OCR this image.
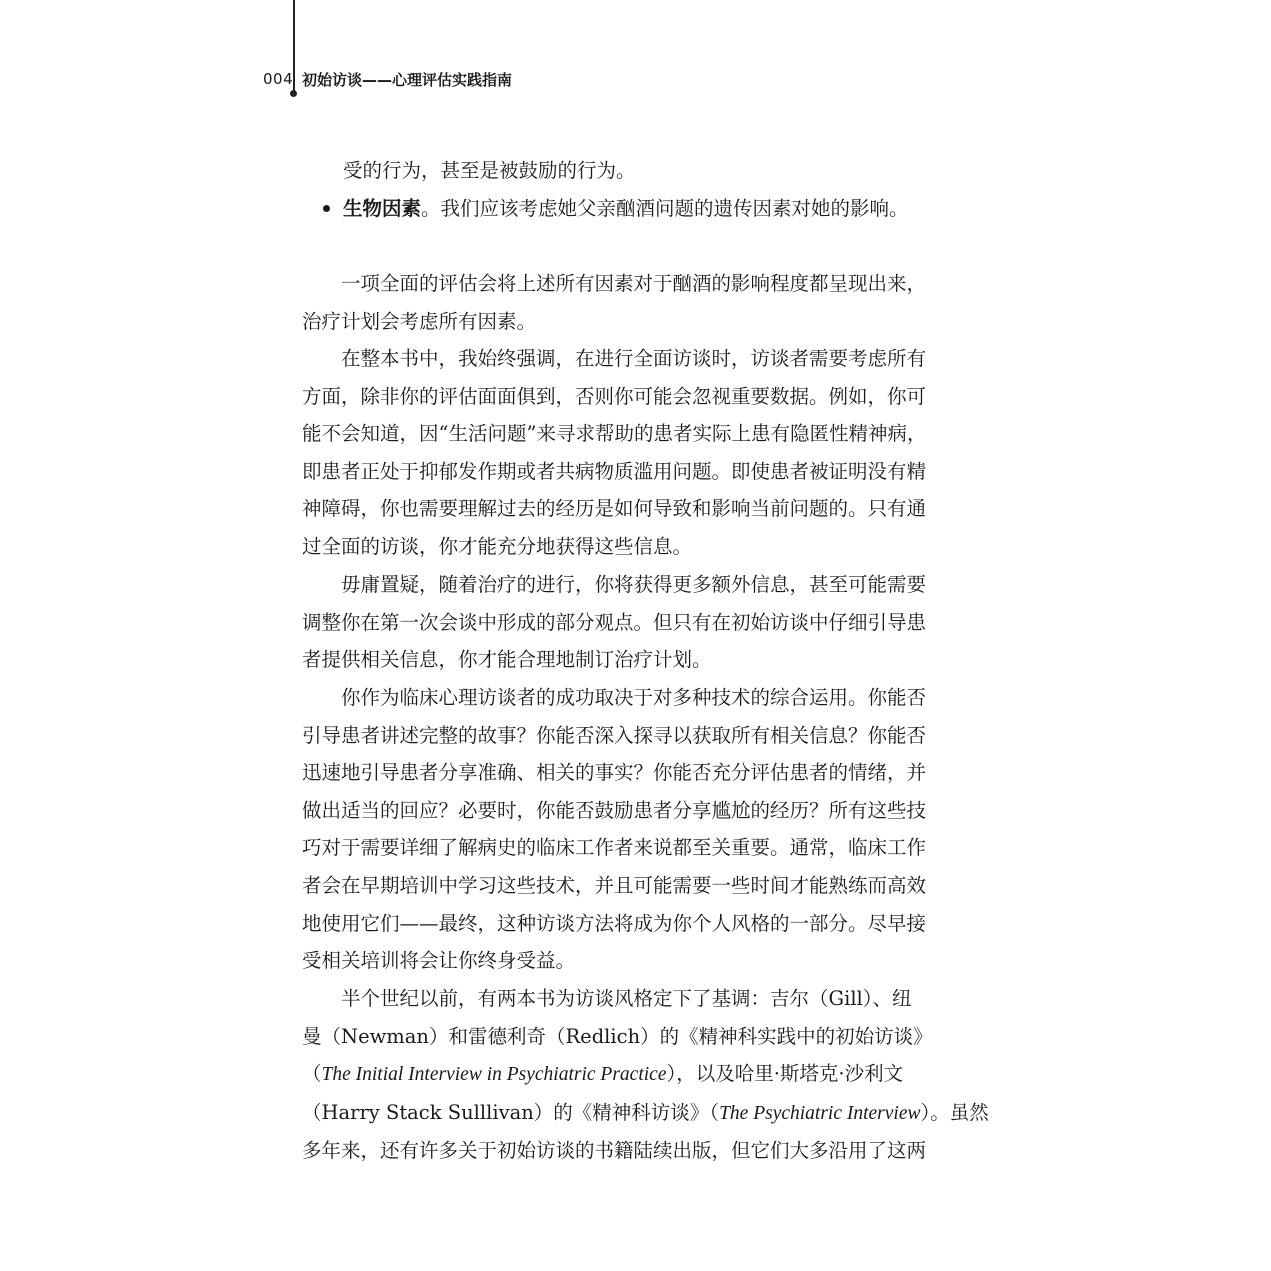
004 初始访谈——心理评估实践指南

受的行为，甚至是被鼓励的行为。

生物因素。我们应该考虑她父亲酗酒问题的遗传因素对她的影响。

一项全面的评估会将上述所有因素对于酗酒的影响程度都呈现出来，
治疗计划会考虑所有因素。
在整本书中，我始终强调，在进行全面访谈时，访谈者需要考虑所有
方面，除非你的评估面面俱到，否则你可能会忽视重要数据。例如，你可
能不会知道，因“生活问题”来寻求帮助的患者实际上患有隐匿性精神病，
即患者正处于抑郁发作期或者共病物质滥用问题。即使患者被证明没有精
神障碍，你也需要理解过去的经历是如何导致和影响当前问题的。只有通
过全面的访谈，你才能充分地获得这些信息。
毋庸置疑，随着治疗的进行，你将获得更多额外信息，甚至可能需要
调整你在第一次会谈中形成的部分观点。但只有在初始访谈中仔细引导患
者提供相关信息，你才能合理地制订治疗计划。
你作为临床心理访谈者的成功取决于对多种技术的综合运用。你能否
引导患者讲述完整的故事？你能否深入探寻以获取所有相关信息？你能否
迅速地引导患者分享准确、相关的事实？你能否充分评估患者的情绪，并
做出适当的回应？必要时，你能否鼓励患者分享尴尬的经历？所有这些技
巧对于需要详细了解病史的临床工作者来说都至关重要。通常，临床工作
者会在早期培训中学习这些技术，并且可能需要一些时间才能熟练而高效
地使用它们——最终，这种访谈方法将成为你个人风格的一部分。尽早接
受相关培训将会让你终身受益。
半个世纪以前，有两本书为访谈风格定下了基调：吉尔（Gill）、纽
曼（Newman）和雷德利奇（Redlich）的《精神科实践中的初始访谈》
（The Initial Interview in Psychiatric Practice），以及哈里·斯塔克·沙利文
（Harry Stack Sulllivan）的《精神科访谈》（The Psychiatric Interview）。虽然
多年来，还有许多关于初始访谈的书籍陆续出版，但它们大多沿用了这两
